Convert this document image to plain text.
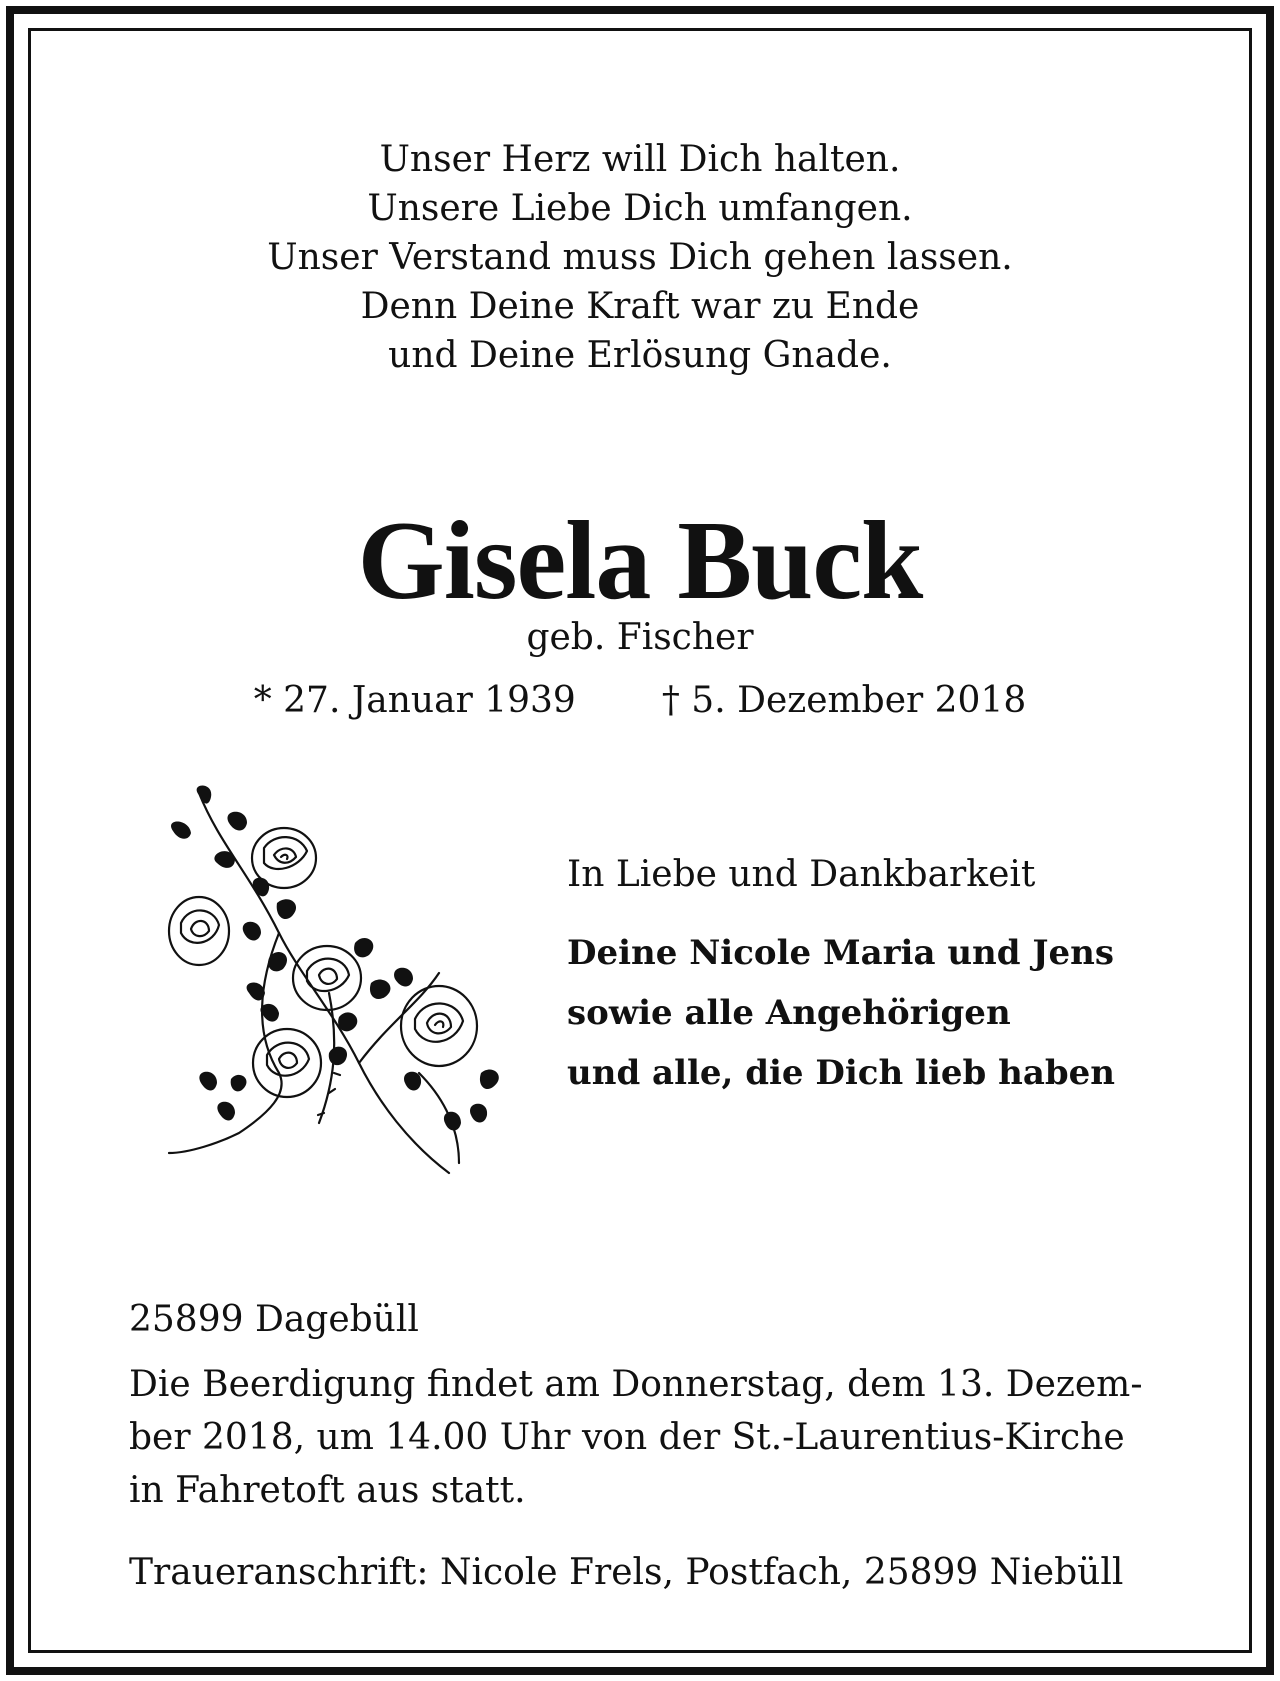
Unser Herz will Dich halten.
Unsere Liebe Dich umfangen.
Unser Verstand muss Dich gehen lassen.
Denn Deine Kraft war zu Ende
und Deine Erlösung Gnade.
Gisela Buck
geb. Fischer
* 27. Januar 1939 † 5. Dezember 2018
In Liebe und Dankbarkeit
Deine Nicole Maria und Jens
sowie alle Angehörigen
und alle, die Dich lieb haben
25899 Dagebüll
Die Beerdigung findet am Donnerstag, dem 13. Dezem-
ber 2018, um 14.00 Uhr von der St.-Laurentius-Kirche
in Fahretoft aus statt.
Traueranschrift: Nicole Frels, Postfach, 25899 Niebüll
